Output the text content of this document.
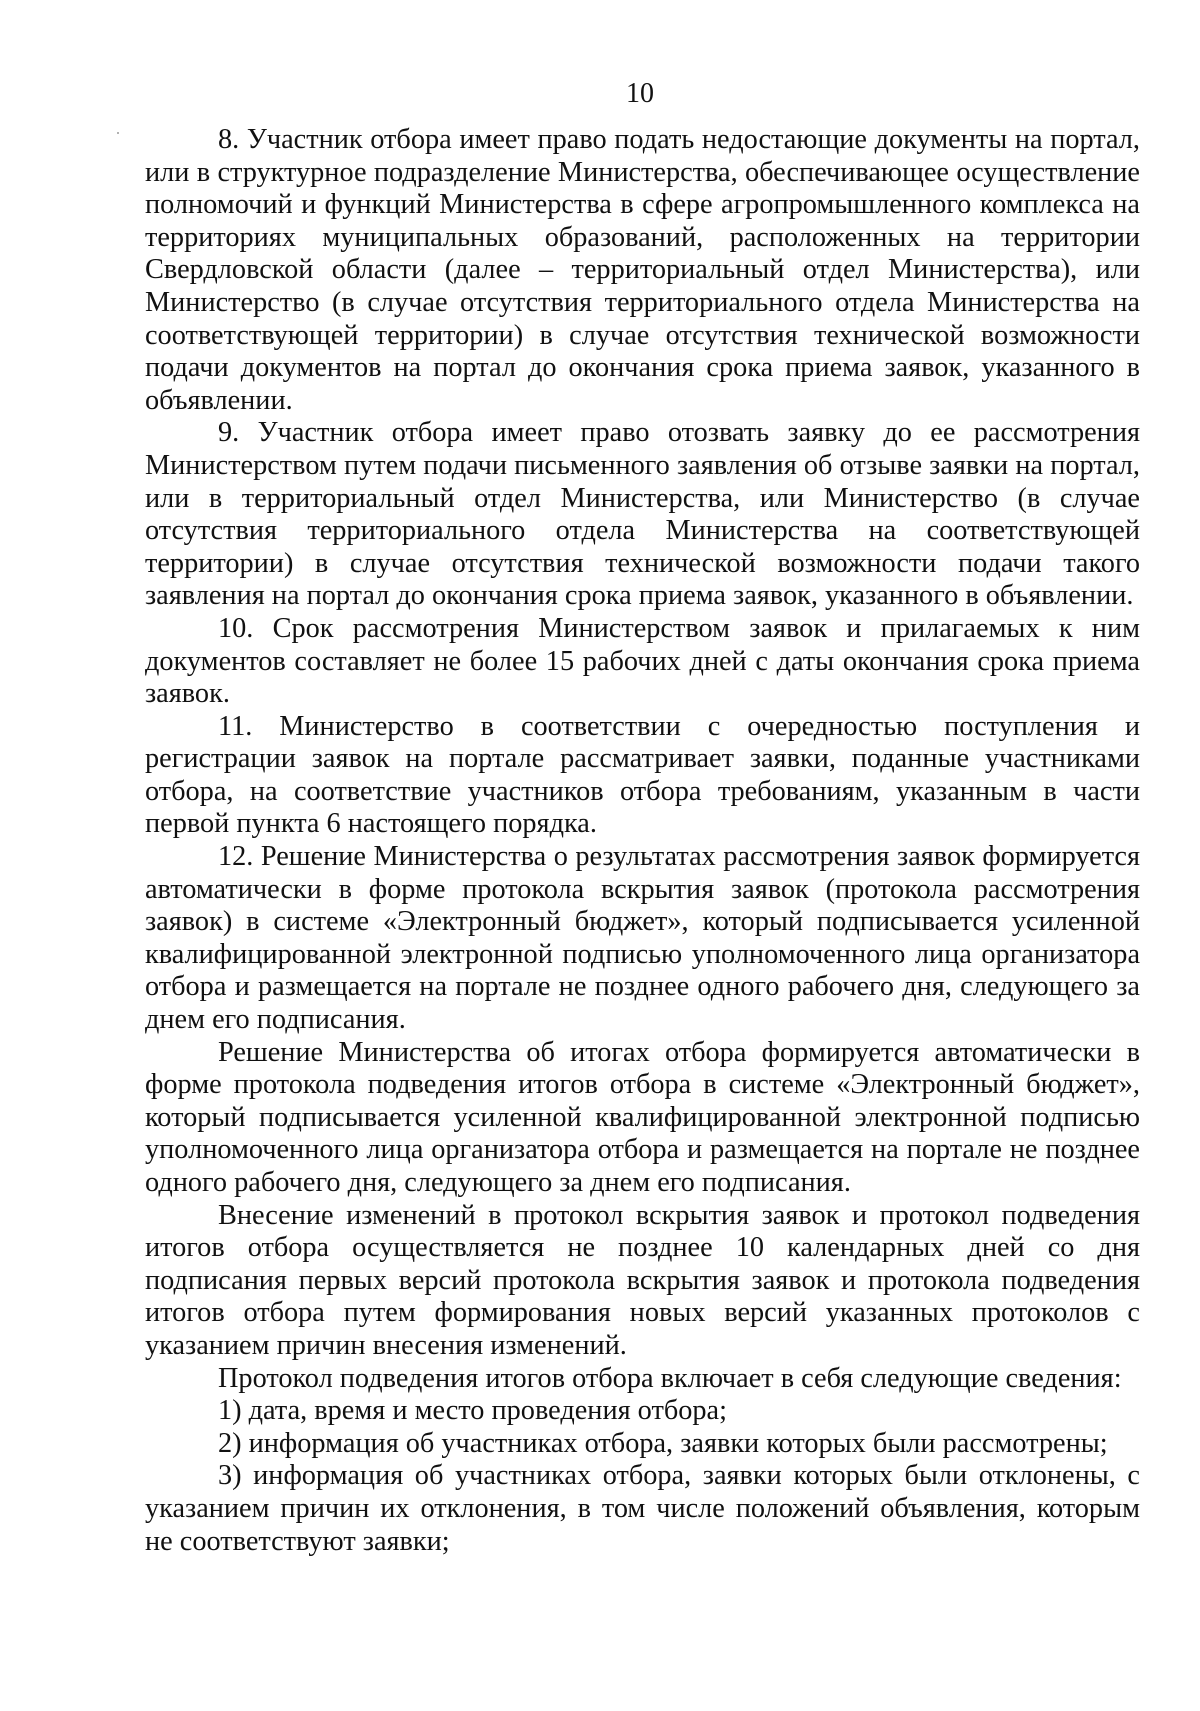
10

8. Участник отбора имеет право подать недостающие документы на портал, или в структурное подразделение Министерства, обеспечивающее осуществление полномочий и функций Министерства в сфере агропромышленного комплекса на территориях муниципальных образований, расположенных на территории Свердловской области (далее – территориальный отдел Министерства), или Министерство (в случае отсутствия территориального отдела Министерства на соответствующей территории) в случае отсутствия технической возможности подачи документов на портал до окончания срока приема заявок, указанного в объявлении.

9. Участник отбора имеет право отозвать заявку до ее рассмотрения Министерством путем подачи письменного заявления об отзыве заявки на портал, или в территориальный отдел Министерства, или Министерство (в случае отсутствия территориального отдела Министерства на соответствующей территории) в случае отсутствия технической возможности подачи такого заявления на портал до окончания срока приема заявок, указанного в объявлении.

10. Срок рассмотрения Министерством заявок и прилагаемых к ним документов составляет не более 15 рабочих дней с даты окончания срока приема заявок.

11. Министерство в соответствии с очередностью поступления и регистрации заявок на портале рассматривает заявки, поданные участниками отбора, на соответствие участников отбора требованиям, указанным в части первой пункта 6 настоящего порядка.

12. Решение Министерства о результатах рассмотрения заявок формируется автоматически в форме протокола вскрытия заявок (протокола рассмотрения заявок) в системе «Электронный бюджет», который подписывается усиленной квалифицированной электронной подписью уполномоченного лица организатора отбора и размещается на портале не позднее одного рабочего дня, следующего за днем его подписания.

Решение Министерства об итогах отбора формируется автоматически в форме протокола подведения итогов отбора в системе «Электронный бюджет», который подписывается усиленной квалифицированной электронной подписью уполномоченного лица организатора отбора и размещается на портале не позднее одного рабочего дня, следующего за днем его подписания.

Внесение изменений в протокол вскрытия заявок и протокол подведения итогов отбора осуществляется не позднее 10 календарных дней со дня подписания первых версий протокола вскрытия заявок и протокола подведения итогов отбора путем формирования новых версий указанных протоколов с указанием причин внесения изменений.

Протокол подведения итогов отбора включает в себя следующие сведения:

1) дата, время и место проведения отбора;

2) информация об участниках отбора, заявки которых были рассмотрены;

3) информация об участниках отбора, заявки которых были отклонены, с указанием причин их отклонения, в том числе положений объявления, которым не соответствуют заявки;
